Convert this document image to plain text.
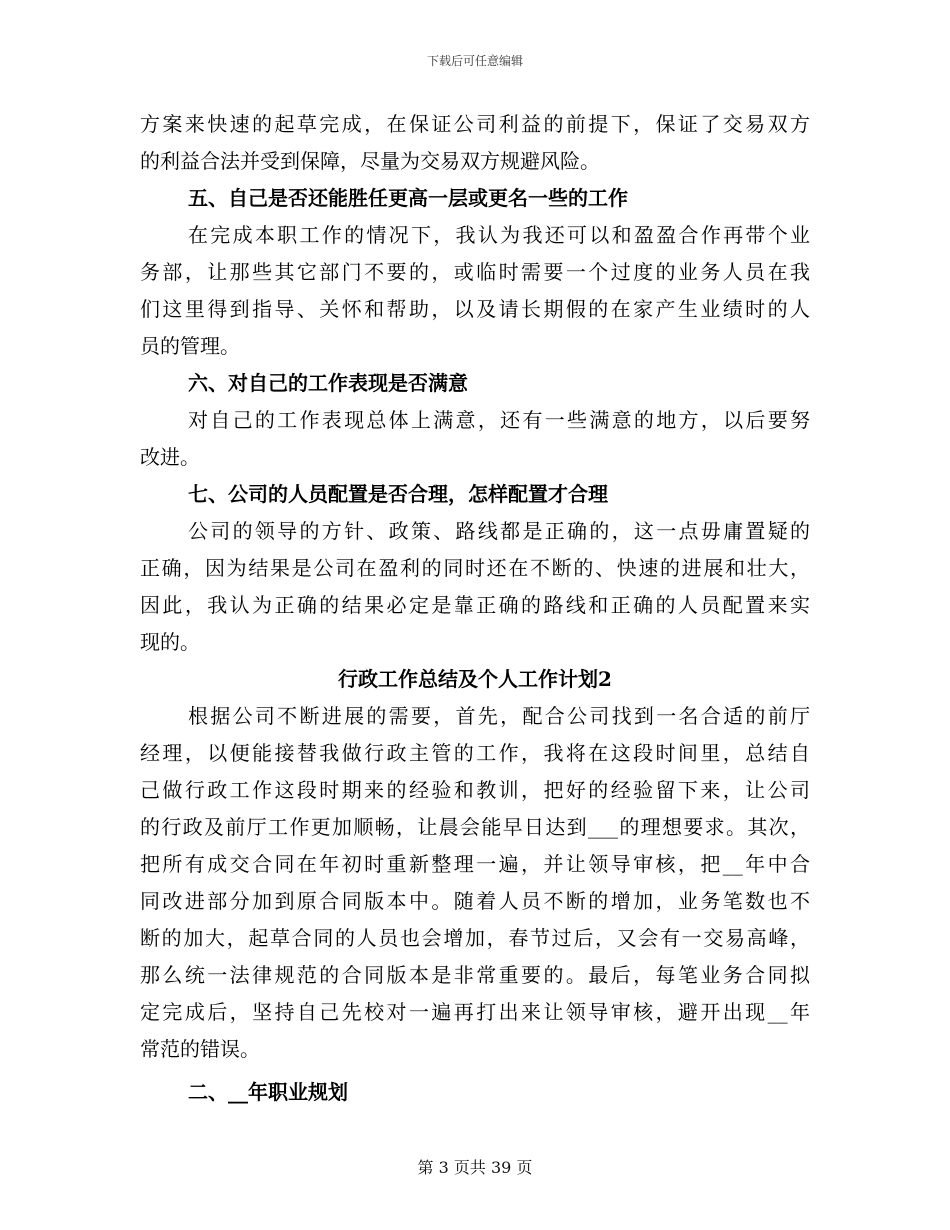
下载后可任意编辑
方案来快速的起草完成，在保证公司利益的前提下，保证了交易双方
的利益合法并受到保障，尽量为交易双方规避风险。
五、自己是否还能胜任更高一层或更名一些的工作
在完成本职工作的情况下，我认为我还可以和盈盈合作再带个业
务部，让那些其它部门不要的，或临时需要一个过度的业务人员在我
们这里得到指导、关怀和帮助，以及请长期假的在家产生业绩时的人
员的管理。
六、对自己的工作表现是否满意
对自己的工作表现总体上满意，还有一些满意的地方，以后要努
改进。
七、公司的人员配置是否合理，怎样配置才合理
公司的领导的方针、政策、路线都是正确的，这一点毋庸置疑的
正确，因为结果是公司在盈利的同时还在不断的、快速的进展和壮大，
因此，我认为正确的结果必定是靠正确的路线和正确的人员配置来实
现的。
行政工作总结及个人工作计划2
根据公司不断进展的需要，首先，配合公司找到一名合适的前厅
经理，以便能接替我做行政主管的工作，我将在这段时间里，总结自
己做行政工作这段时期来的经验和教训，把好的经验留下来，让公司
的行政及前厅工作更加顺畅，让晨会能早日达到___的理想要求。其次，
把所有成交合同在年初时重新整理一遍，并让领导审核，把__年中合
同改进部分加到原合同版本中。随着人员不断的增加，业务笔数也不
断的加大，起草合同的人员也会增加，春节过后，又会有一交易高峰，
那么统一法律规范的合同版本是非常重要的。最后，每笔业务合同拟
定完成后，坚持自己先校对一遍再打出来让领导审核，避开出现__年
常范的错误。
二、__年职业规划
第 3 页共 39 页
